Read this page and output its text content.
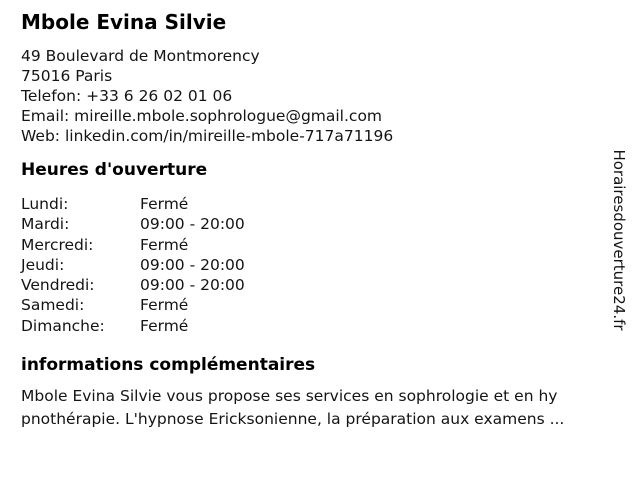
Mbole Evina Silvie
49 Boulevard de Montmorency
75016 Paris
Telefon: +33 6 26 02 01 06
Email: mireille.mbole.sophrologue@gmail.com
Web: linkedin.com/in/mireille-mbole-717a71196
Heures d'ouverture
Lundi:	Fermé
Mardi:	09:00 - 20:00
Mercredi:	Fermé
Jeudi:	09:00 - 20:00
Vendredi:	09:00 - 20:00
Samedi:	Fermé
Dimanche: Fermé
informations complémentaires
Mbole Evina Silvie vous propose ses services en sophrologie et en hy
pnothérapie. L'hypnose Ericksonienne, la préparation aux examens ...
Horairesdouverture24.fr
